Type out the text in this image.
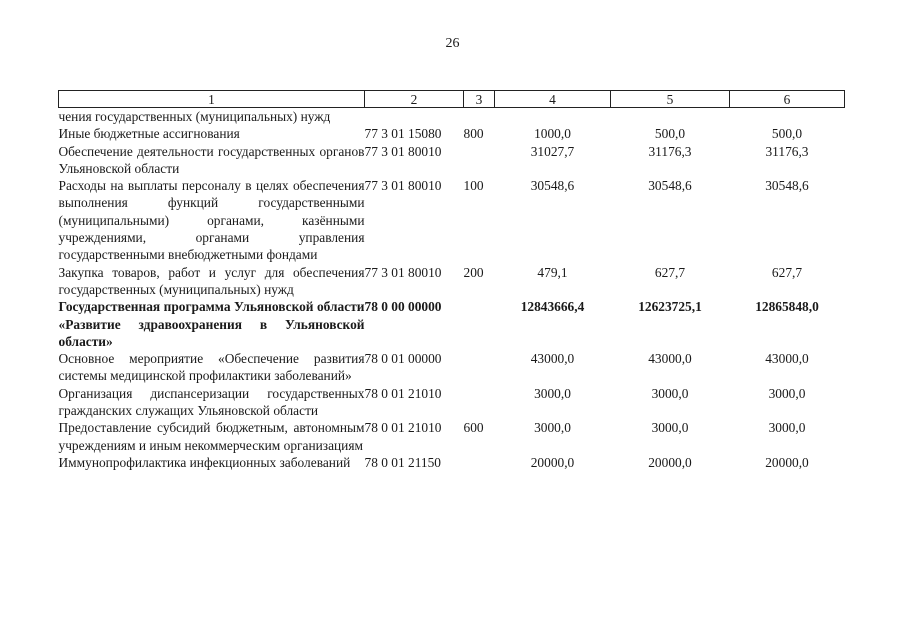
26
1	2	3	4	5	6
чения государственных (муниципальных) нужд					
Иные бюджетные ассигнования	77 3 01 15080	800	1000,0	500,0	500,0
Обеспечение деятельности государственных органов Ульяновской области	77 3 01 80010		31027,7	31176,3	31176,3
Расходы на выплаты персоналу в целях обеспечения выполнения функций государственными (муниципальными) органами, казёнными учреждениями, органами управления государственными внебюджетными фондами	77 3 01 80010	100	30548,6	30548,6	30548,6
Закупка товаров, работ и услуг для обеспечения государственных (муниципальных) нужд	77 3 01 80010	200	479,1	627,7	627,7
Государственная программа Ульяновской области «Развитие здравоохранения в Ульяновской области»	78 0 00 00000		12843666,4	12623725,1	12865848,0
Основное мероприятие «Обеспечение развития системы медицинской профилактики заболеваний»	78 0 01 00000		43000,0	43000,0	43000,0
Организация диспансеризации государственных гражданских служащих Ульяновской области	78 0 01 21010		3000,0	3000,0	3000,0
Предоставление субсидий бюджетным, автономным учреждениям и иным некоммерческим организациям	78 0 01 21010	600	3000,0	3000,0	3000,0
Иммунопрофилактика инфекционных заболеваний	78 0 01 21150		20000,0	20000,0	20000,0
